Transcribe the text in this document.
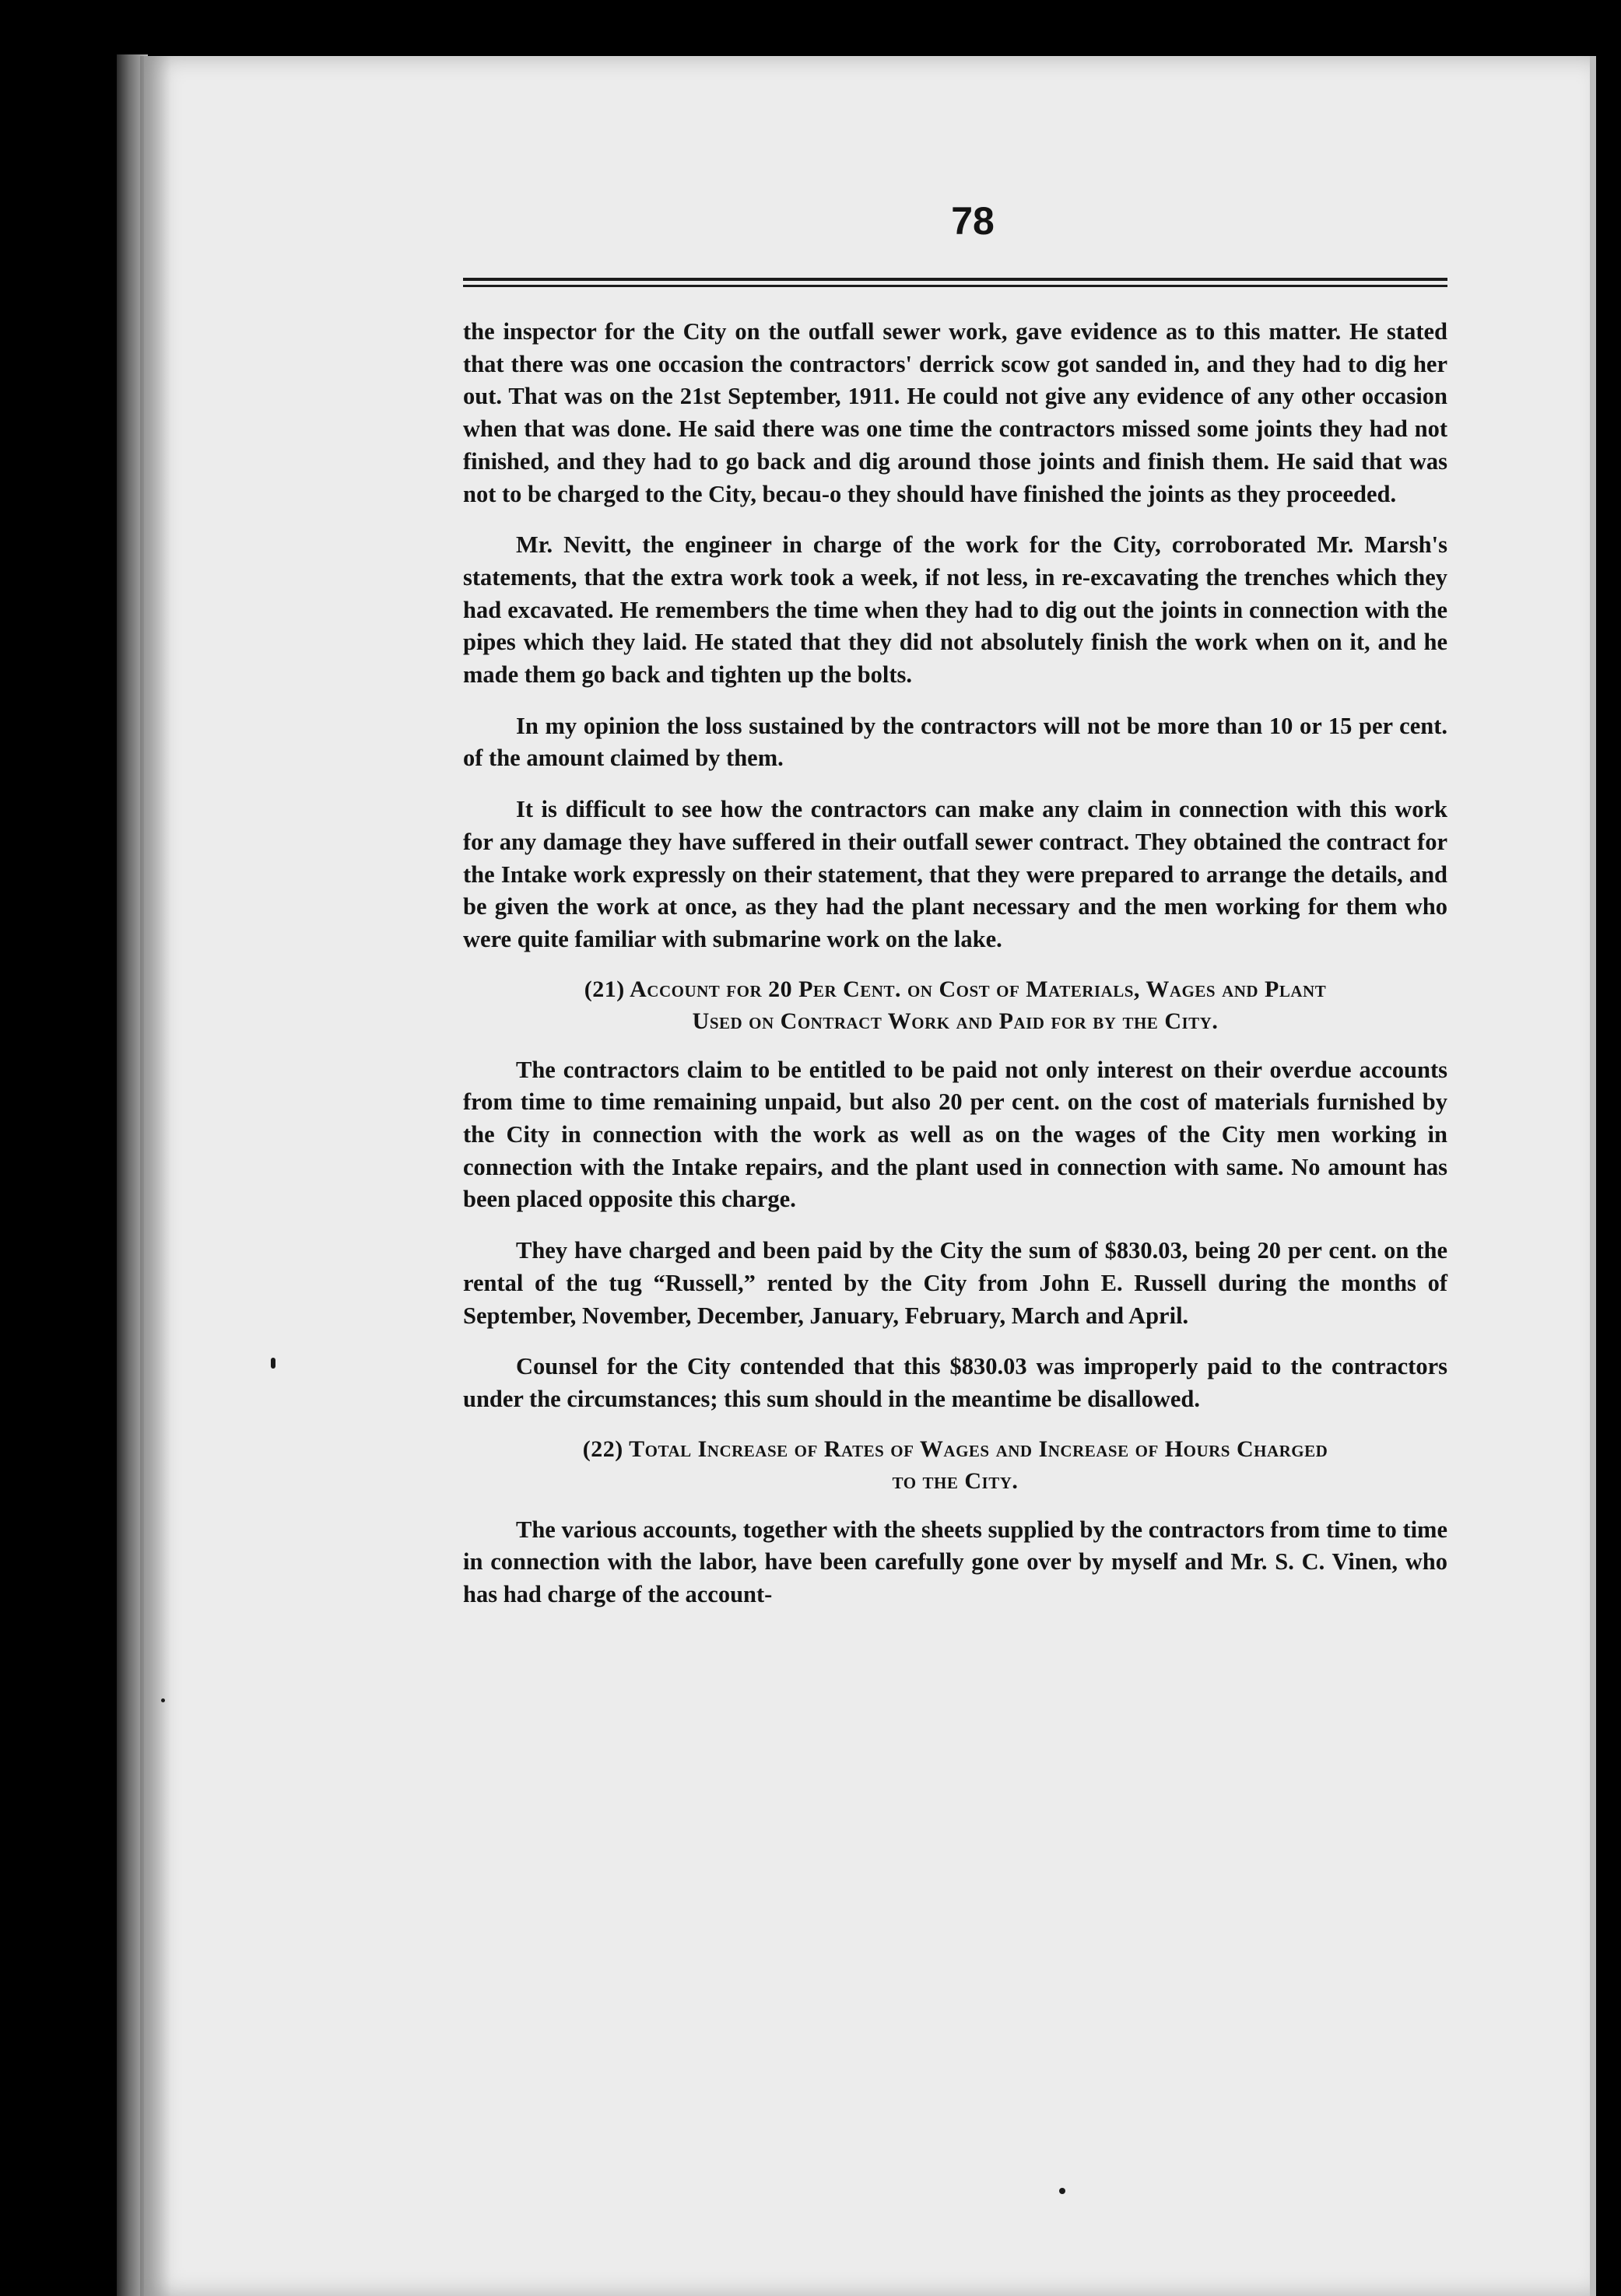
78

the inspector for the City on the outfall sewer work, gave evidence as to this matter. He stated that there was one occasion the contractors' derrick scow got sanded in, and they had to dig her out. That was on the 21st September, 1911. He could not give any evidence of any other occasion when that was done. He said there was one time the contractors missed some joints they had not finished, and they had to go back and dig around those joints and finish them. He said that was not to be charged to the City, becau-o they should have finished the joints as they proceeded.

Mr. Nevitt, the engineer in charge of the work for the City, corroborated Mr. Marsh's statements, that the extra work took a week, if not less, in re-excavating the trenches which they had excavated. He remembers the time when they had to dig out the joints in connection with the pipes which they laid. He stated that they did not absolutely finish the work when on it, and he made them go back and tighten up the bolts.

In my opinion the loss sustained by the contractors will not be more than 10 or 15 per cent. of the amount claimed by them.

It is difficult to see how the contractors can make any claim in connection with this work for any damage they have suffered in their outfall sewer contract. They obtained the contract for the Intake work expressly on their statement, that they were prepared to arrange the details, and be given the work at once, as they had the plant necessary and the men working for them who were quite familiar with submarine work on the lake.

(21) Account for 20 Per Cent. on Cost of Materials, Wages and Plant

Used on Contract Work and Paid for by the City.

The contractors claim to be entitled to be paid not only interest on their overdue accounts from time to time remaining unpaid, but also 20 per cent. on the cost of materials furnished by the City in connection with the work as well as on the wages of the City men working in connection with the Intake repairs, and the plant used in connection with same. No amount has been placed opposite this charge.

They have charged and been paid by the City the sum of $830.03, being 20 per cent. on the rental of the tug “Russell,” rented by the City from John E. Russell during the months of September, November, December, January, February, March and April.

Counsel for the City contended that this $830.03 was improperly paid to the contractors under the circumstances; this sum should in the meantime be disallowed.

(22) Total Increase of Rates of Wages and Increase of Hours Charged

to the City.

The various accounts, together with the sheets supplied by the contractors from time to time in connection with the labor, have been carefully gone over by myself and Mr. S. C. Vinen, who has had charge of the account-
